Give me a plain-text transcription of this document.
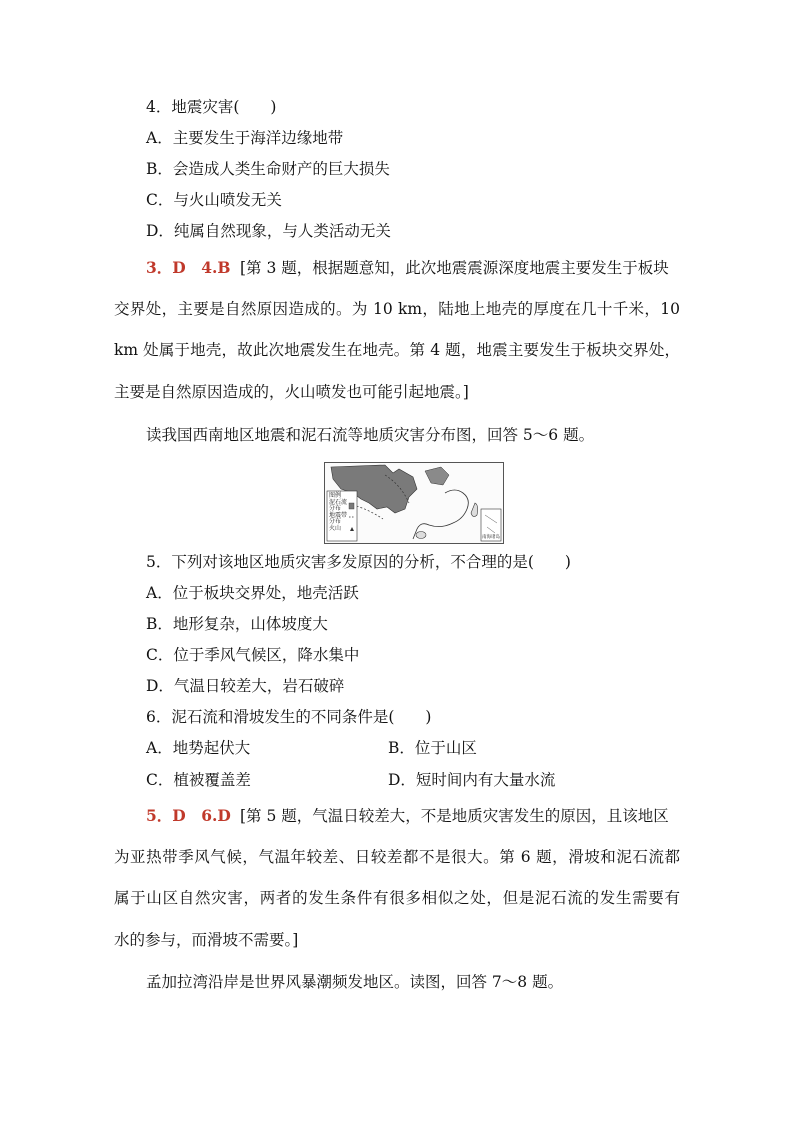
4．地震灾害(　　)
A．主要发生于海洋边缘地带
B．会造成人类生命财产的巨大损失
C．与火山喷发无关
D．纯属自然现象，与人类活动无关
3．D　4.B [第 3 题，根据题意知，此次地震震源深度地震主要发生于板块
交界处，主要是自然原因造成的。为 10 km，陆地上地壳的厚度在几十千米，10
km 处属于地壳，故此次地震发生在地壳。第 4 题，地震主要发生于板块交界处，
主要是自然原因造成的，火山喷发也可能引起地震。]
读我国西南地区地震和泥石流等地质灾害分布图，回答 5～6 题。
图例
泥石流
分布
地震带
分布
火山
南海诸岛
5．下列对该地区地质灾害多发原因的分析，不合理的是(　　)
A．位于板块交界处，地壳活跃
B．地形复杂，山体坡度大
C．位于季风气候区，降水集中
D．气温日较差大，岩石破碎
6．泥石流和滑坡发生的不同条件是(　　)
A．地势起伏大	B．位于山区
C．植被覆盖差	D．短时间内有大量水流
5．D　6.D [第 5 题，气温日较差大，不是地质灾害发生的原因，且该地区
为亚热带季风气候，气温年较差、日较差都不是很大。第 6 题，滑坡和泥石流都
属于山区自然灾害，两者的发生条件有很多相似之处，但是泥石流的发生需要有
水的参与，而滑坡不需要。]
孟加拉湾沿岸是世界风暴潮频发地区。读图，回答 7～8 题。
